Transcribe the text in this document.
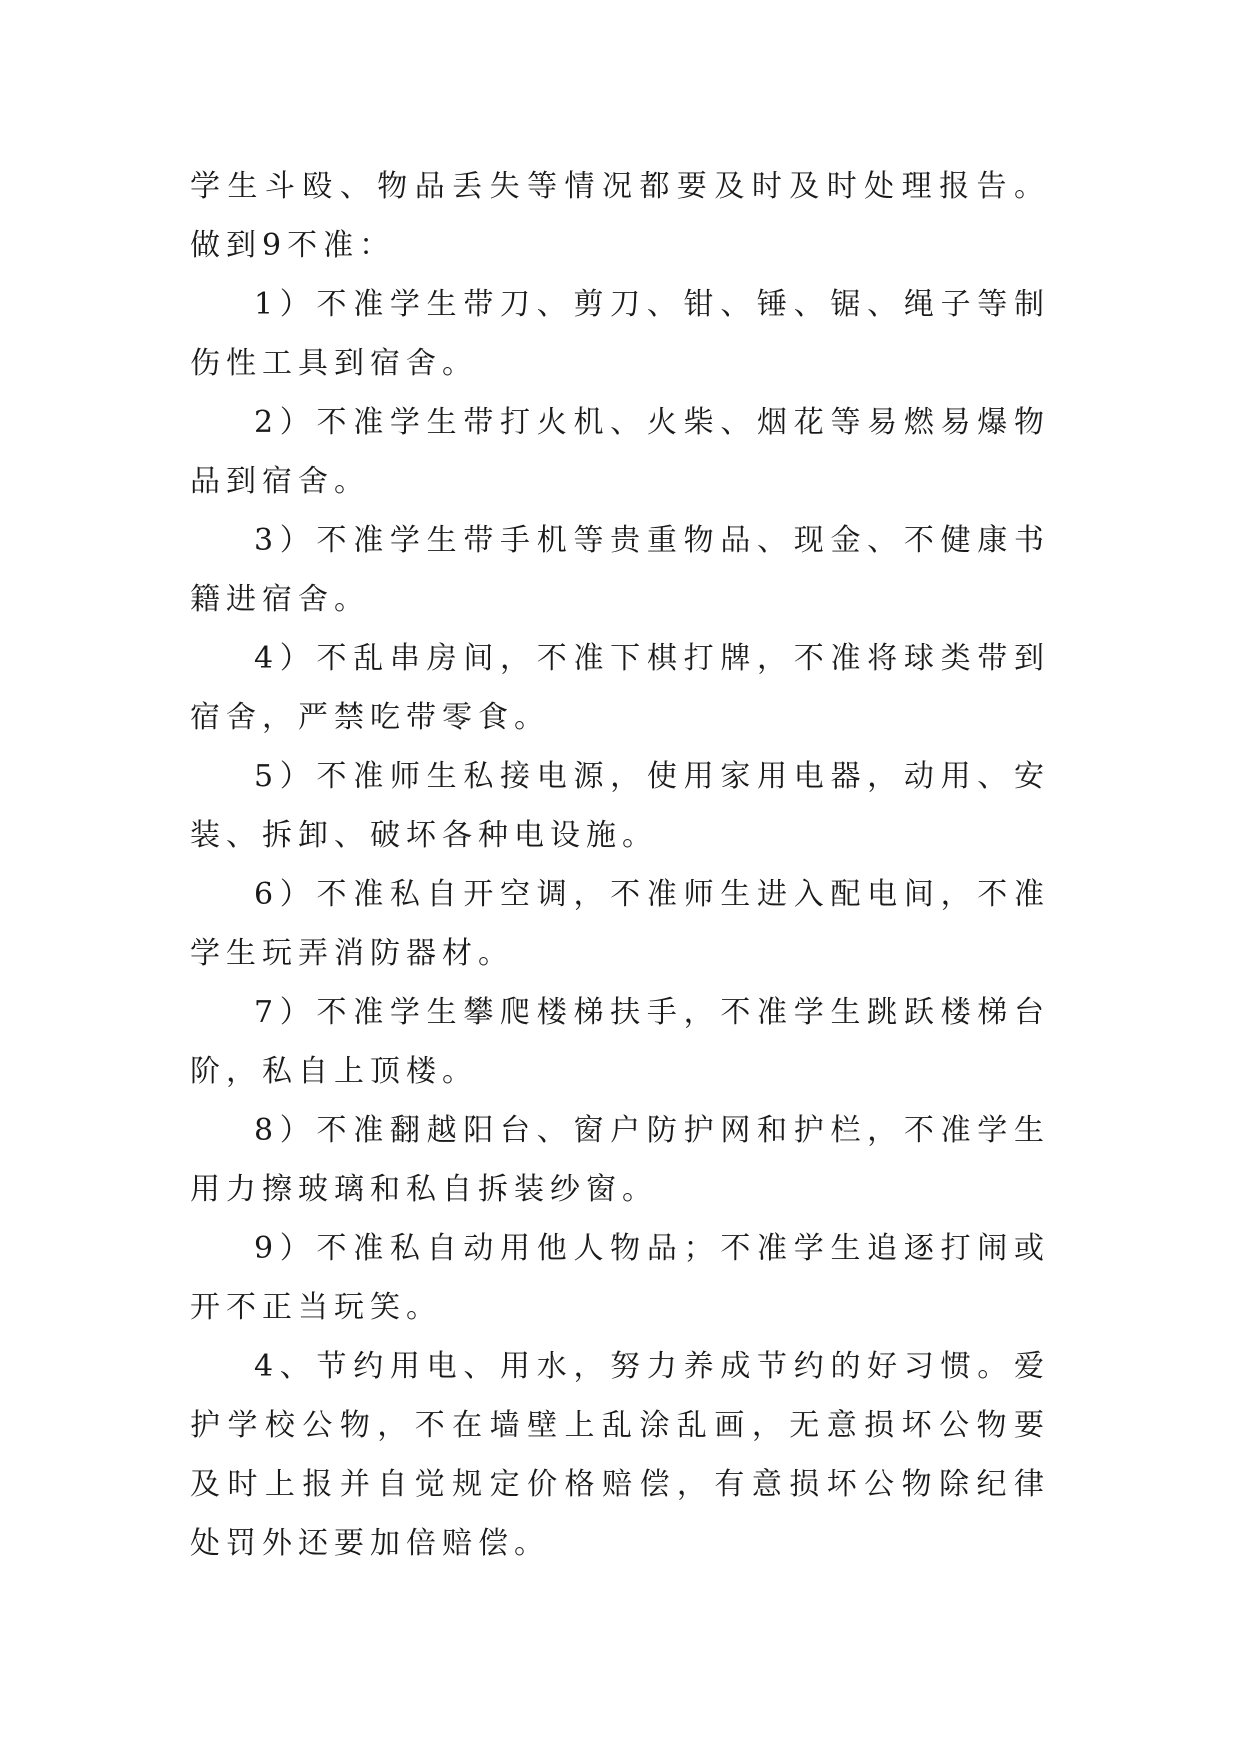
学生斗殴、物品丢失等情况都要及时及时处理报告。做到9不准：

1）不准学生带刀、剪刀、钳、锤、锯、绳子等制伤性工具到宿舍。

2）不准学生带打火机、火柴、烟花等易燃易爆物品到宿舍。

3）不准学生带手机等贵重物品、现金、不健康书籍进宿舍。

4）不乱串房间，不准下棋打牌，不准将球类带到宿舍，严禁吃带零食。

5）不准师生私接电源，使用家用电器，动用、安装、拆卸、破坏各种电设施。

6）不准私自开空调，不准师生进入配电间，不准学生玩弄消防器材。

7）不准学生攀爬楼梯扶手，不准学生跳跃楼梯台阶，私自上顶楼。

8）不准翻越阳台、窗户防护网和护栏，不准学生用力擦玻璃和私自拆装纱窗。

9）不准私自动用他人物品；不准学生追逐打闹或开不正当玩笑。

4、节约用电、用水，努力养成节约的好习惯。爱护学校公物，不在墙壁上乱涂乱画，无意损坏公物要及时上报并自觉规定价格赔偿，有意损坏公物除纪律处罚外还要加倍赔偿。
